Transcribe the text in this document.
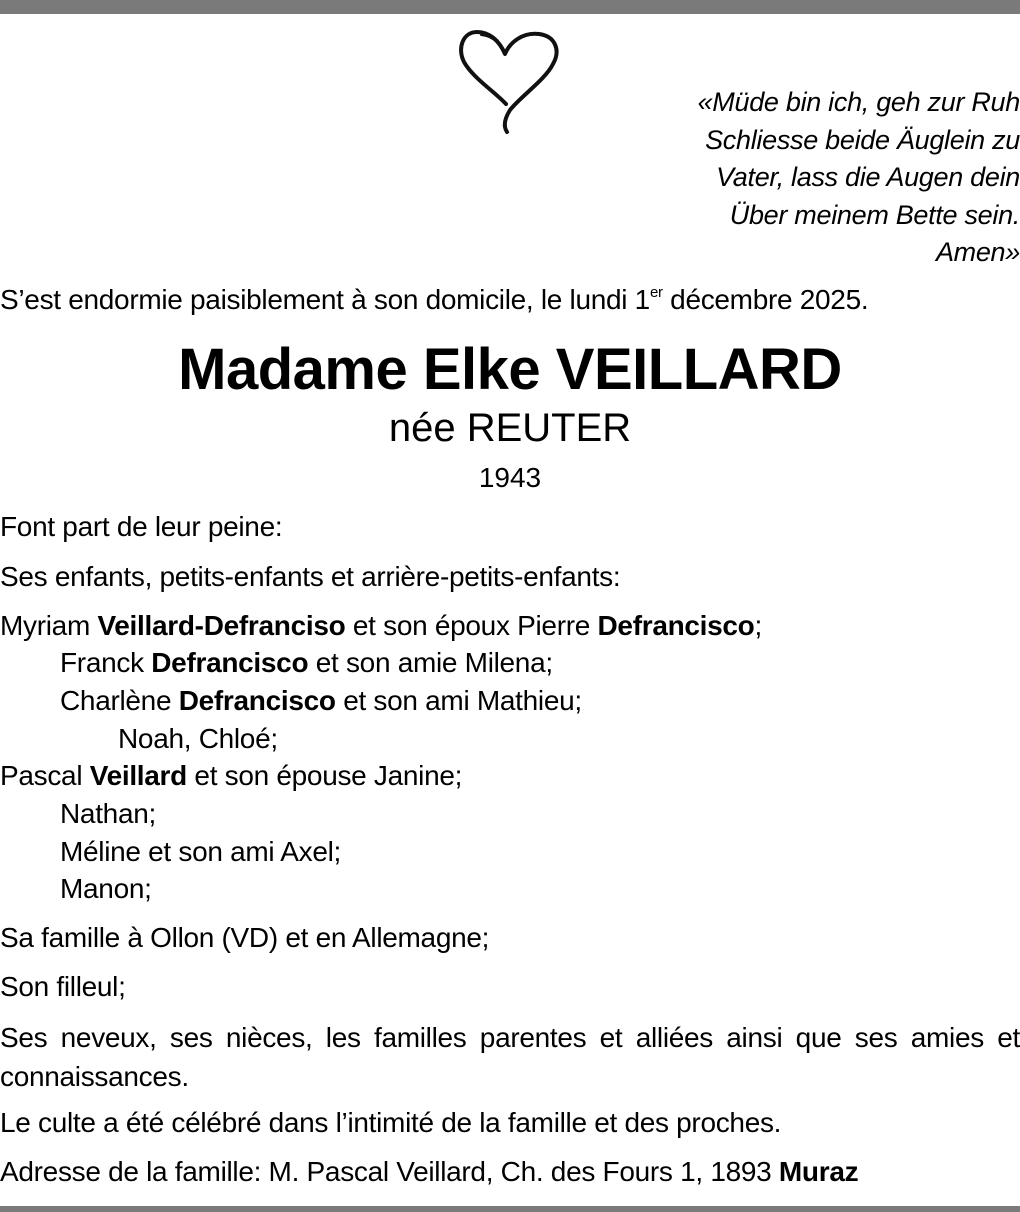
«Müde bin ich, geh zur Ruh
Schliesse beide Äuglein zu
Vater, lass die Augen dein
Über meinem Bette sein.
Amen»
S’est endormie paisiblement à son domicile, le lundi 1er décembre 2025.
Madame Elke VEILLARD
née REUTER
1943
Font part de leur peine:
Ses enfants, petits-enfants et arrière-petits-enfants:
Myriam Veillard-Defranciso et son époux Pierre Defrancisco;
Franck Defrancisco et son amie Milena;
Charlène Defrancisco et son ami Mathieu;
Noah, Chloé;
Pascal Veillard et son épouse Janine;
Nathan;
Méline et son ami Axel;
Manon;
Sa famille à Ollon (VD) et en Allemagne;
Son filleul;
Ses neveux, ses nièces, les familles parentes et alliées ainsi que ses amies et connaissances.
Le culte a été célébré dans l’intimité de la famille et des proches.
Adresse de la famille: M. Pascal Veillard, Ch. des Fours 1, 1893 Muraz
